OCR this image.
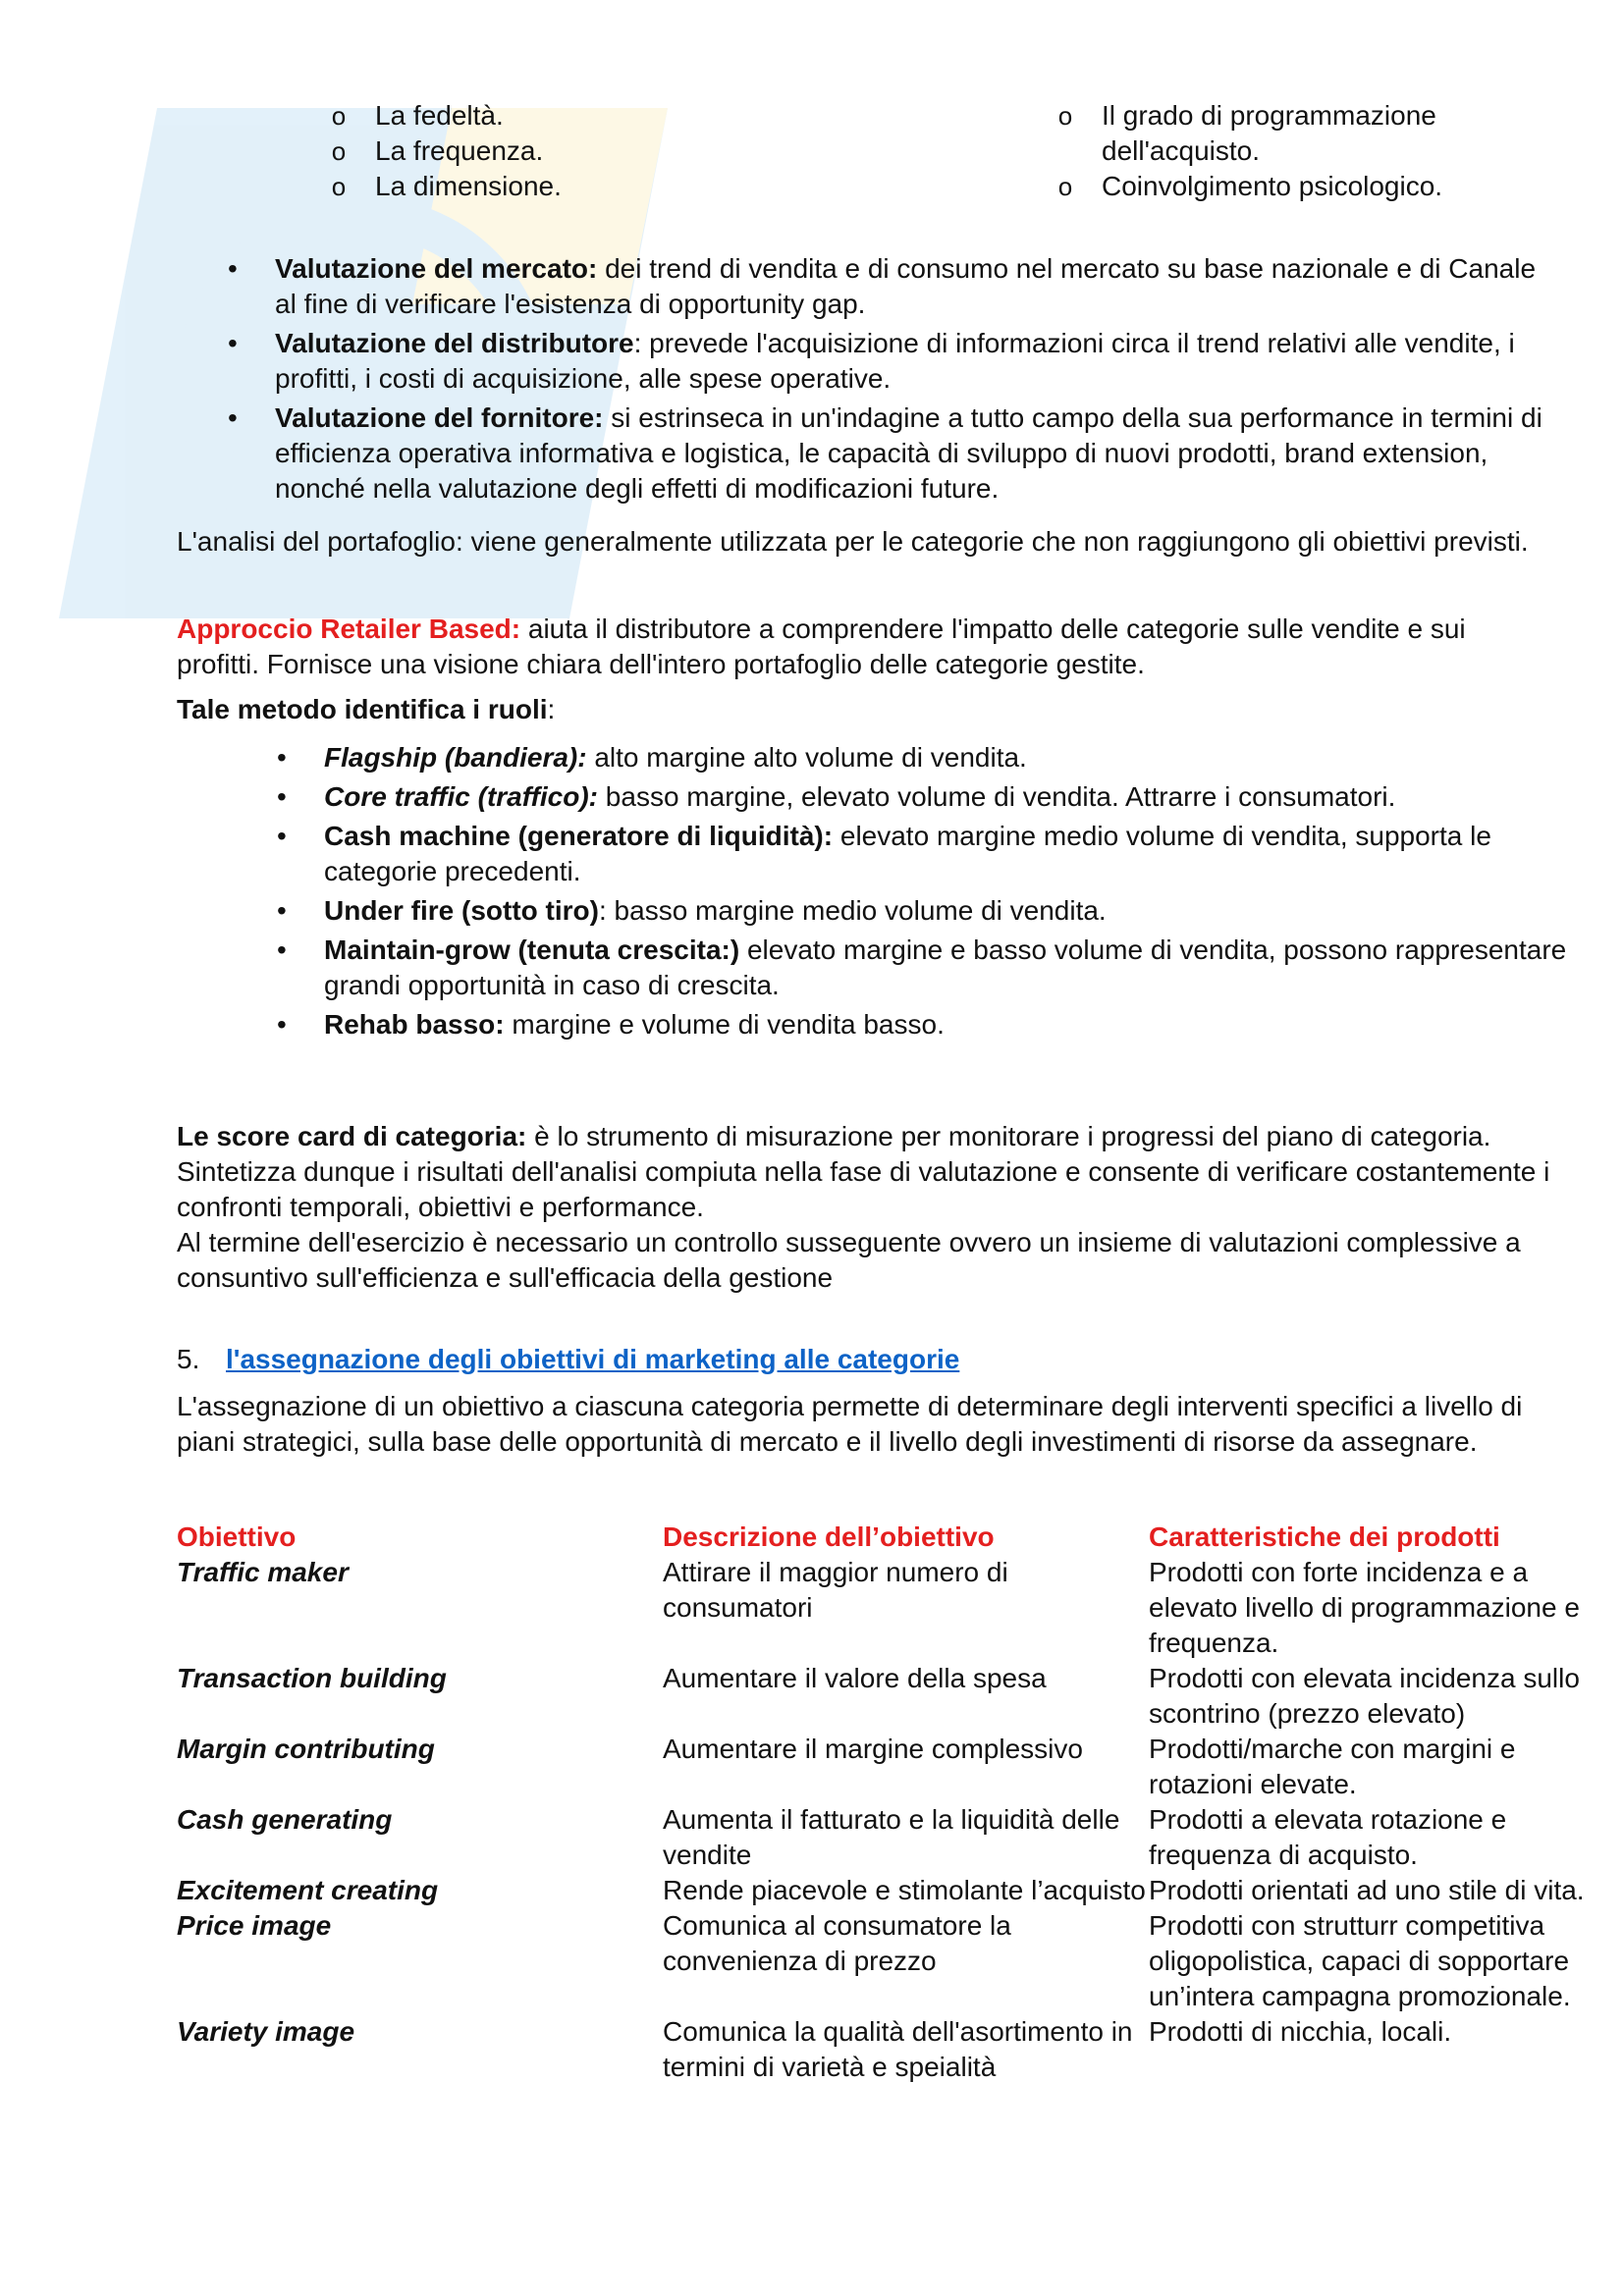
o La fedeltà.
o La frequenza.
o La dimensione.
o Il grado di programmazione dell'acquisto.
o Coinvolgimento psicologico.
• Valutazione del mercato: dei trend di vendita e di consumo nel mercato su base nazionale e di Canale al fine di verificare l'esistenza di opportunity gap.
• Valutazione del distributore: prevede l'acquisizione di informazioni circa il trend relativi alle vendite, i profitti, i costi di acquisizione, alle spese operative.
• Valutazione del fornitore: si estrinseca in un'indagine a tutto campo della sua performance in termini di efficienza operativa informativa e logistica, le capacità di sviluppo di nuovi prodotti, brand extension, nonché nella valutazione degli effetti di modificazioni future.

L'analisi del portafoglio: viene generalmente utilizzata per le categorie che non raggiungono gli obiettivi previsti.

Approccio Retailer Based: aiuta il distributore a comprendere l'impatto delle categorie sulle vendite e sui profitti. Fornisce una visione chiara dell'intero portafoglio delle categorie gestite.

Tale metodo identifica i ruoli:

• Flagship (bandiera): alto margine alto volume di vendita.
• Core traffic (traffico): basso margine, elevato volume di vendita. Attrarre i consumatori.
• Cash machine (generatore di liquidità): elevato margine medio volume di vendita, supporta le categorie precedenti.
• Under fire (sotto tiro): basso margine medio volume di vendita.
• Maintain-grow (tenuta crescita:) elevato margine e basso volume di vendita, possono rappresentare grandi opportunità in caso di crescita.
• Rehab basso: margine e volume di vendita basso.
Le score card di categoria: è lo strumento di misurazione per monitorare i progressi del piano di categoria.
Sintetizza dunque i risultati dell'analisi compiuta nella fase di valutazione e consente di verificare costantemente i confronti temporali, obiettivi e performance.
Al termine dell'esercizio è necessario un controllo susseguente ovvero un insieme di valutazioni complessive a consuntivo sull'efficienza e sull'efficacia della gestione
5. l'assegnazione degli obiettivi di marketing alle categorie

L'assegnazione di un obiettivo a ciascuna categoria permette di determinare degli interventi specifici a livello di piani strategici, sulla base delle opportunità di mercato e il livello degli investimenti di risorse da assegnare.

Obiettivo	Descrizione dell’obiettivo	Caratteristiche dei prodotti
Traffic maker	Attirare il maggior numero di consumatori	Prodotti con forte incidenza e a elevato livello di programmazione e frequenza.
Transaction building	Aumentare il valore della spesa	Prodotti con elevata incidenza sullo scontrino (prezzo elevato)
Margin contributing	Aumentare il margine complessivo	Prodotti/marche con margini e rotazioni elevate.
Cash generating	Aumenta il fatturato e la liquidità delle vendite	Prodotti a elevata rotazione e frequenza di acquisto.
Excitement creating	Rende piacevole e stimolante l’acquisto	Prodotti orientati ad uno stile di vita.
Price image	Comunica al consumatore la convenienza di prezzo	Prodotti con strutturr competitiva oligopolistica, capaci di sopportare un’intera campagna promozionale.
Variety image	Comunica la qualità dell'asortimento in termini di varietà e speialità	Prodotti di nicchia, locali.
